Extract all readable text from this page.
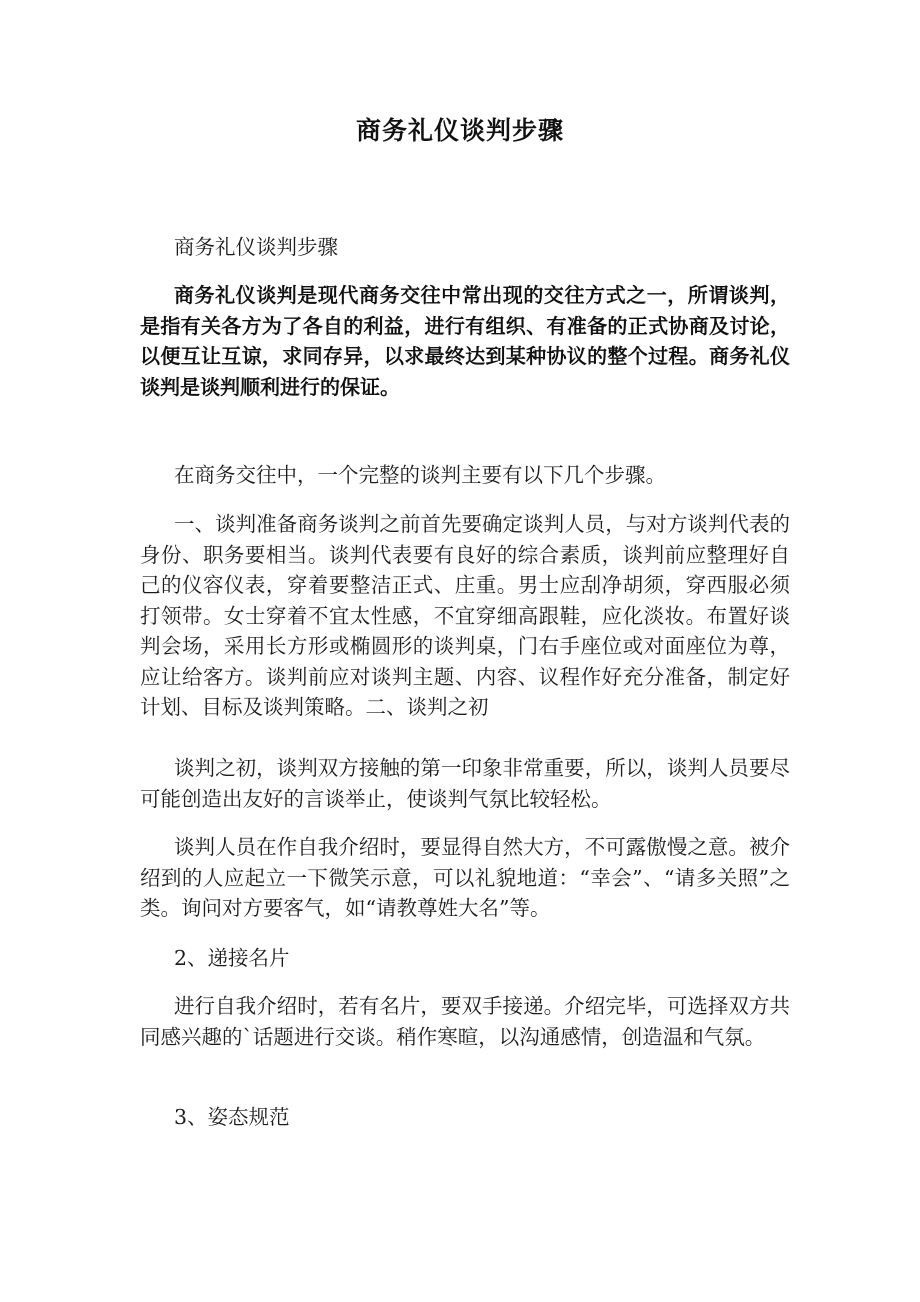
商务礼仪谈判步骤

商务礼仪谈判步骤

商务礼仪谈判是现代商务交往中常出现的交往方式之一，所谓谈判，是指有关各方为了各自的利益，进行有组织、有准备的正式协商及讨论，以便互让互谅，求同存异，以求最终达到某种协议的整个过程。商务礼仪谈判是谈判顺利进行的保证。

在商务交往中，一个完整的谈判主要有以下几个步骤。

一、谈判准备商务谈判之前首先要确定谈判人员，与对方谈判代表的身份、职务要相当。谈判代表要有良好的综合素质，谈判前应整理好自己的仪容仪表，穿着要整洁正式、庄重。男士应刮净胡须，穿西服必须打领带。女士穿着不宜太性感，不宜穿细高跟鞋，应化淡妆。布置好谈判会场，采用长方形或椭圆形的谈判桌，门右手座位或对面座位为尊，应让给客方。谈判前应对谈判主题、内容、议程作好充分准备，制定好计划、目标及谈判策略。二、谈判之初

谈判之初，谈判双方接触的第一印象非常重要，所以，谈判人员要尽可能创造出友好的言谈举止，使谈判气氛比较轻松。

谈判人员在作自我介绍时，要显得自然大方，不可露傲慢之意。被介绍到的人应起立一下微笑示意，可以礼貌地道：“幸会”、“请多关照”之类。询问对方要客气，如“请教尊姓大名”等。

2、递接名片

进行自我介绍时，若有名片，要双手接递。介绍完毕，可选择双方共同感兴趣的`话题进行交谈。稍作寒暄，以沟通感情，创造温和气氛。

3、姿态规范
